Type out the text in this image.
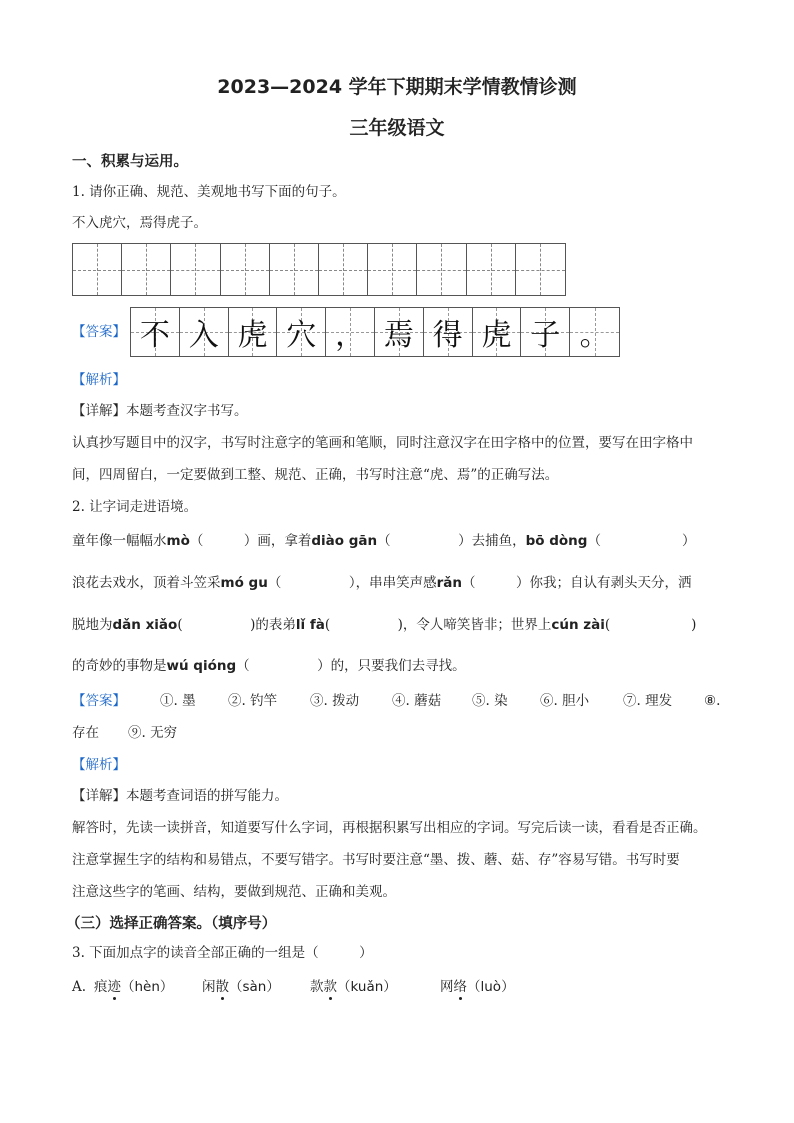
2023—2024 学年下期期末学情教情诊测
三年级语文
一、积累与运用。
1. 请你正确、规范、美观地书写下面的句子。
不入虎穴，焉得虎子。
【答案】 不 入 虎 穴 ， 焉 得 虎 子 。
【解析】
【详解】本题考查汉字书写。
认真抄写题目中的汉字，书写时注意字的笔画和笔顺，同时注意汉字在田字格中的位置，要写在田字格中
间，四周留白，一定要做到工整、规范、正确，书写时注意“虎、焉”的正确写法。
2. 让字词走进语境。
童年像一幅幅水mò（　　　）画，拿着diào gān（　　　　　）去捕鱼，bō dòng（　　　　　　）
浪花去戏水，顶着斗笠采mó gu（　　　　　），串串笑声感rǎn（　　　）你我；自认有剥头天分，洒
脱地为dǎn xiǎo(　　　　　)的表弟lǐ fà(　　　　　)，令人啼笑皆非；世界上cún zài(　　　　　　)
的奇妙的事物是wú qióng（　　　　　）的，只要我们去寻找。
【答案】	①. 墨 ②. 钓竿 ③. 拨动 ④. 蘑菇 ⑤. 染 ⑥. 胆小	⑦. 理发 ⑧.
存在 ⑨. 无穷
【解析】
【详解】本题考查词语的拼写能力。
解答时，先读一读拼音，知道要写什么字词，再根据积累写出相应的字词。写完后读一读，看看是否正确。
注意掌握生字的结构和易错点，不要写错字。书写时要注意“墨、拨、蘑、菇、存”容易写错。书写时要
注意这些字的笔画、结构，要做到规范、正确和美观。
（三）选择正确答案。（填序号）
3. 下面加点字的读音全部正确的一组是（　　　）
A. 痕迹（hèn） 闲散（sàn） 款款（kuǎn）	网络（luò）
